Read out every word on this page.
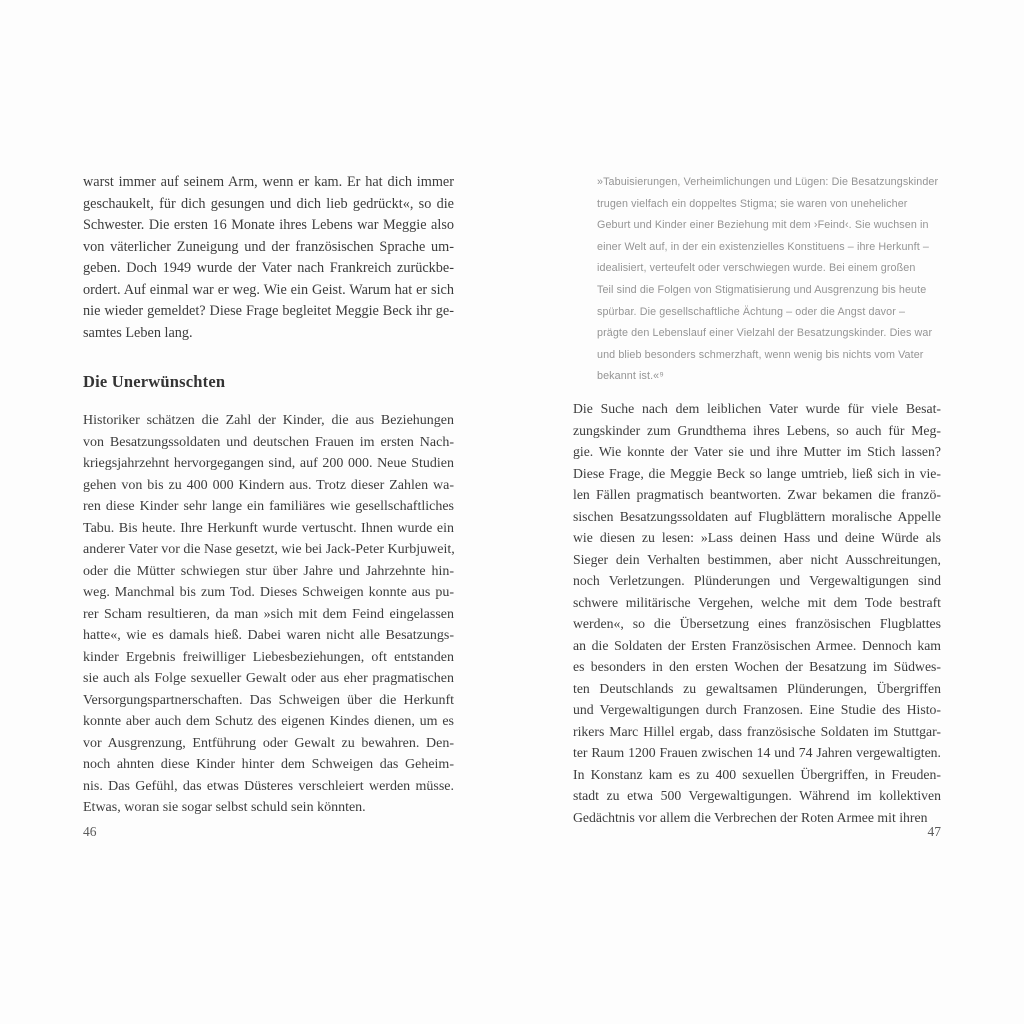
warst immer auf seinem Arm, wenn er kam. Er hat dich immer
geschaukelt, für dich gesungen und dich lieb gedrückt«, so die
Schwester. Die ersten 16 Monate ihres Lebens war Meggie also
von väterlicher Zuneigung und der französischen Sprache um-
geben. Doch 1949 wurde der Vater nach Frankreich zurückbe-
ordert. Auf einmal war er weg. Wie ein Geist. Warum hat er sich
nie wieder gemeldet? Diese Frage begleitet Meggie Beck ihr ge-
samtes Leben lang.
Die Unerwünschten
Historiker schätzen die Zahl der Kinder, die aus Beziehungen
von Besatzungssoldaten und deutschen Frauen im ersten Nach-
kriegsjahrzehnt hervorgegangen sind, auf 200 000. Neue Studien
gehen von bis zu 400 000 Kindern aus. Trotz dieser Zahlen wa-
ren diese Kinder sehr lange ein familiäres wie gesellschaftliches
Tabu. Bis heute. Ihre Herkunft wurde vertuscht. Ihnen wurde ein
anderer Vater vor die Nase gesetzt, wie bei Jack-Peter Kurbjuweit,
oder die Mütter schwiegen stur über Jahre und Jahrzehnte hin-
weg. Manchmal bis zum Tod. Dieses Schweigen konnte aus pu-
rer Scham resultieren, da man »sich mit dem Feind eingelassen
hatte«, wie es damals hieß. Dabei waren nicht alle Besatzungs-
kinder Ergebnis freiwilliger Liebesbeziehungen, oft entstanden
sie auch als Folge sexueller Gewalt oder aus eher pragmatischen
Versorgungspartnerschaften. Das Schweigen über die Herkunft
konnte aber auch dem Schutz des eigenen Kindes dienen, um es
vor Ausgrenzung, Entführung oder Gewalt zu bewahren. Den-
noch ahnten diese Kinder hinter dem Schweigen das Geheim-
nis. Das Gefühl, das etwas Düsteres verschleiert werden müsse.
Etwas, woran sie sogar selbst schuld sein könnten.
»Tabuisierungen, Verheimlichungen und Lügen: Die Besatzungskinder
trugen vielfach ein doppeltes Stigma; sie waren von unehelicher
Geburt und Kinder einer Beziehung mit dem ›Feind‹. Sie wuchsen in
einer Welt auf, in der ein existenzielles Konstituens – ihre Herkunft –
idealisiert, verteufelt oder verschwiegen wurde. Bei einem großen
Teil sind die Folgen von Stigmatisierung und Ausgrenzung bis heute
spürbar. Die gesellschaftliche Ächtung – oder die Angst davor –
prägte den Lebenslauf einer Vielzahl der Besatzungskinder. Dies war
und blieb besonders schmerzhaft, wenn wenig bis nichts vom Vater
bekannt ist.«⁹
Die Suche nach dem leiblichen Vater wurde für viele Besat-
zungskinder zum Grundthema ihres Lebens, so auch für Meg-
gie. Wie konnte der Vater sie und ihre Mutter im Stich lassen?
Diese Frage, die Meggie Beck so lange umtrieb, ließ sich in vie-
len Fällen pragmatisch beantworten. Zwar bekamen die franzö-
sischen Besatzungssoldaten auf Flugblättern moralische Appelle
wie diesen zu lesen: »Lass deinen Hass und deine Würde als
Sieger dein Verhalten bestimmen, aber nicht Ausschreitungen,
noch Verletzungen. Plünderungen und Vergewaltigungen sind
schwere militärische Vergehen, welche mit dem Tode bestraft
werden«, so die Übersetzung eines französischen Flugblattes
an die Soldaten der Ersten Französischen Armee. Dennoch kam
es besonders in den ersten Wochen der Besatzung im Südwes-
ten Deutschlands zu gewaltsamen Plünderungen, Übergriffen
und Vergewaltigungen durch Franzosen. Eine Studie des Histo-
rikers Marc Hillel ergab, dass französische Soldaten im Stuttgar-
ter Raum 1200 Frauen zwischen 14 und 74 Jahren vergewaltigten.
In Konstanz kam es zu 400 sexuellen Übergriffen, in Freuden-
stadt zu etwa 500 Vergewaltigungen. Während im kollektiven
Gedächtnis vor allem die Verbrechen der Roten Armee mit ihren
46	47
